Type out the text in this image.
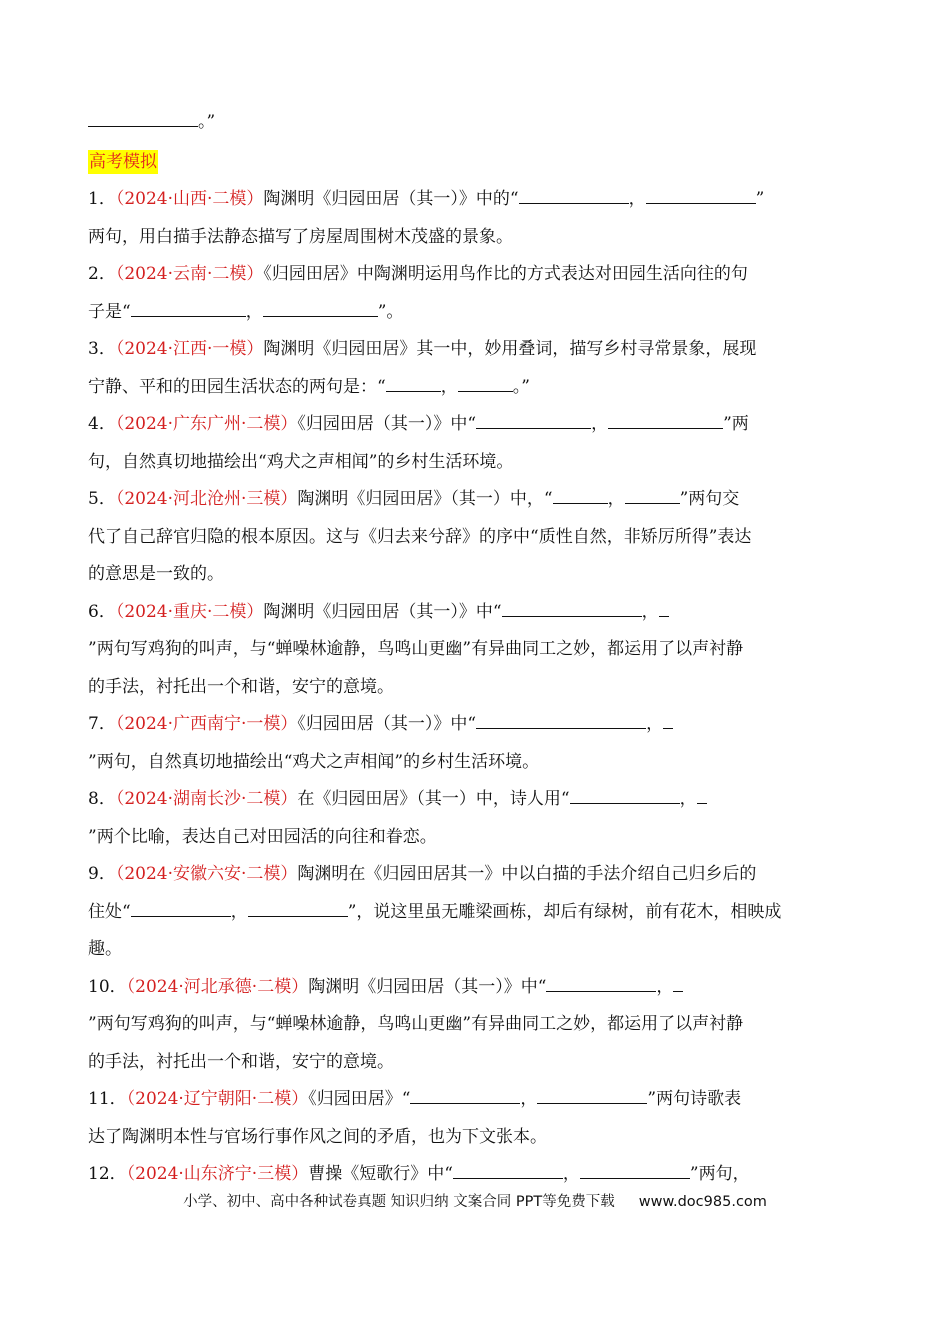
。”
高考模拟
1．（2024·山西·二模）陶渊明《归园田居（其一）》中的“	，	”
两句，用白描手法静态描写了房屋周围树木茂盛的景象。
2．（2024·云南·二模）《归园田居》中陶渊明运用鸟作比的方式表达对田园生活向往的句
子是“	，	”。
3．（2024·江西·一模）陶渊明《归园田居》其一中，妙用叠词，描写乡村寻常景象，展现
宁静、平和的田园生活状态的两句是：“	，	。”
4．（2024·广东广州·二模）《归园田居（其一）》中“	，	”两
句，自然真切地描绘出“鸡犬之声相闻”的乡村生活环境。
5．（2024·河北沧州·三模）陶渊明《归园田居》（其一）中，“	，	”两句交
代了自己辞官归隐的根本原因。这与《归去来兮辞》的序中“质性自然，非矫厉所得”表达
的意思是一致的。
6．（2024·重庆·二模）陶渊明《归园田居（其一）》中“	，
”两句写鸡狗的叫声，与“蝉噪林逾静，鸟鸣山更幽”有异曲同工之妙，都运用了以声衬静
的手法，衬托出一个和谐，安宁的意境。
7．（2024·广西南宁·一模）《归园田居（其一）》中“	，
”两句，自然真切地描绘出“鸡犬之声相闻”的乡村生活环境。
8．（2024·湖南长沙·二模）在《归园田居》（其一）中，诗人用“	，
”两个比喻，表达自己对田园活的向往和眷恋。
9．（2024·安徽六安·二模）陶渊明在《归园田居其一》中以白描的手法介绍自己归乡后的
住处“	，	”，说这里虽无雕梁画栋，却后有绿树，前有花木，相映成
趣。
10．（2024·河北承德·二模）陶渊明《归园田居（其一）》中“	，
”两句写鸡狗的叫声，与“蝉噪林逾静，鸟鸣山更幽”有异曲同工之妙，都运用了以声衬静
的手法，衬托出一个和谐，安宁的意境。
11．（2024·辽宁朝阳·二模）《归园田居》“	，	”两句诗歌表
达了陶渊明本性与官场行事作风之间的矛盾，也为下文张本。
12．（2024·山东济宁·三模）曹操《短歌行》中“	，	”两句，
小学、初中、高中各种试卷真题 知识归纳 文案合同 PPT等免费下载 www.doc985.com
